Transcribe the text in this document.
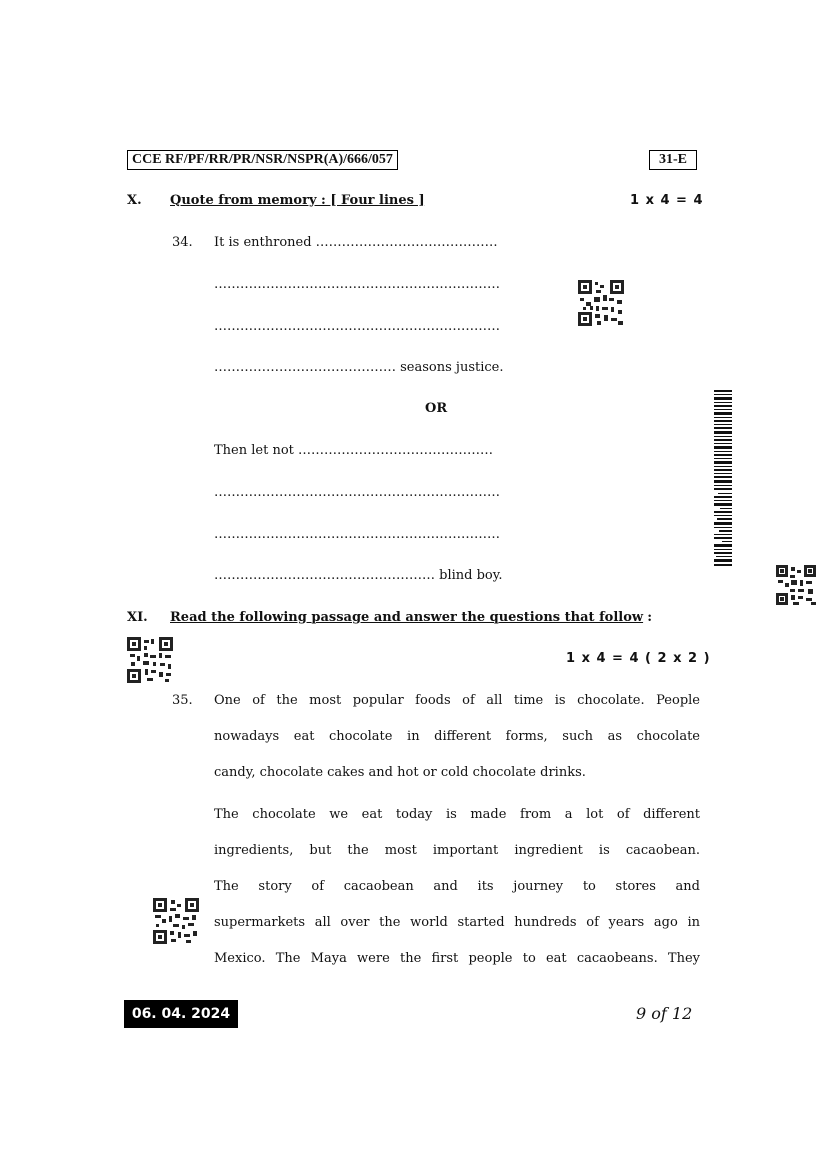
CCE RF/PF/RR/PR/NSR/NSPR(A)/666/057	31-E
X. Quote from memory : [ Four lines ]	1 x 4 = 4
34. It is enthroned ……………………………………
…………………………………………………………
…………………………………………………………
…………………………………… seasons justice.
OR
Then let not ………………………………………
…………………………………………………………
…………………………………………………………
…………………………………………… blind boy.
XI. Read the following passage and answer the questions that follow :
1 x 4 = 4 ( 2 x 2 )
35. One of the most popular foods of all time is chocolate. People
nowadays eat chocolate in different forms, such as chocolate
candy, chocolate cakes and hot or cold chocolate drinks.
The chocolate we eat today is made from a lot of different
ingredients, but the most important ingredient is cacaobean.
The story of cacaobean and its journey to stores and
supermarkets all over the world started hundreds of years ago in
Mexico. The Maya were the first people to eat cacaobeans. They
06. 04. 2024	9 of 12
